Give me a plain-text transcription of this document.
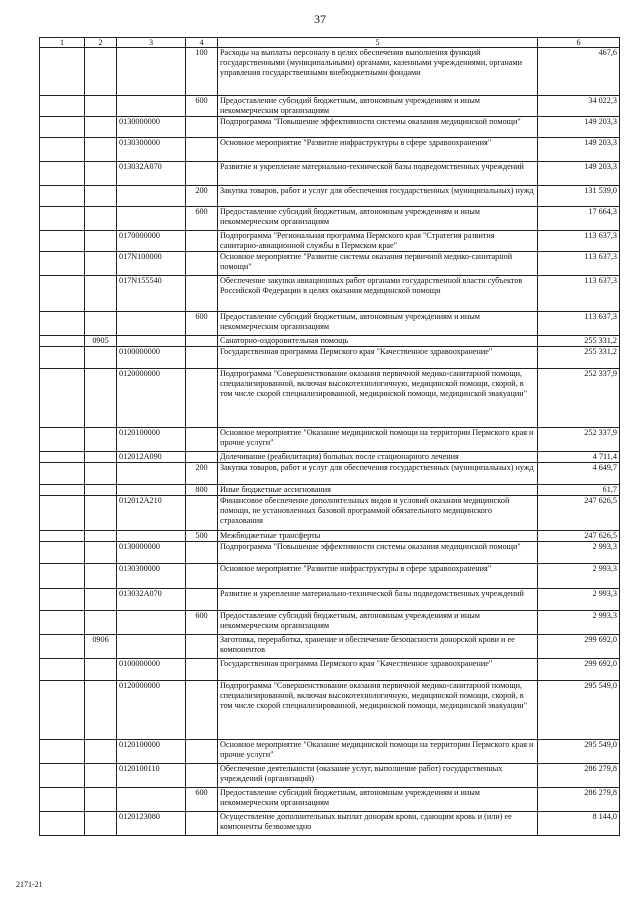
37
1	2	3	4	5	6
			100	Расходы на выплаты персоналу в целях обеспечения выполнения функций государственными (муниципальными) органами, казенными учреждениями, органами управления государственными внебюджетными фондами	467,6
			600	Предоставление субсидий бюджетным, автономным учреждениям и иным некоммерческим организациям	34 022,3
		0130000000		Подпрограмма "Повышение эффективности системы оказания медицинской помощи"	149 203,3
		0130300000		Основное мероприятие "Развитие инфраструктуры в сфере здравоохранения"	149 203,3
		013032А070		Развитие и укрепление материально-технической базы подведомственных учреждений	149 203,3
			200	Закупка товаров, работ и услуг для обеспечения государственных (муниципальных) нужд	131 539,0
			600	Предоставление субсидий бюджетным, автономным учреждениям и иным некоммерческим организациям	17 664,3
		0170000000		Подпрограмма "Региональная программа Пермского края "Стратегия развития санитарно-авиационной службы в Пермском крае"	113 637,3
		017N100000		Основное мероприятие "Развитие системы оказания первичной медико-санитарной помощи"	113 637,3
		017N155540		Обеспечение закупки авиационных работ органами государственной власти субъектов Российской Федерации в целях оказания медицинской помощи	113 637,3
			600	Предоставление субсидий бюджетным, автономным учреждениям и иным некоммерческим организациям	113 637,3
	0905			Санаторно-оздоровительная помощь	255 331,2
		0100000000		Государственная программа Пермского края "Качественное здравоохранение"	255 331,2
		0120000000		Подпрограмма "Совершенствование оказания первичной медико-санитарной помощи, специализированной, включая высокотехнологичную, медицинской помощи, скорой, в том числе скорой специализированной, медицинской помощи, медицинской эвакуации"	252 337,9
		0120100000		Основное мероприятие "Оказание медицинской помощи на территории Пермского края и прочие услуги"	252 337,9
		012012А090		Долечивание (реабилитация) больных после стационарного лечения	4 711,4
			200	Закупка товаров, работ и услуг для обеспечения государственных (муниципальных) нужд	4 649,7
			800	Иные бюджетные ассигнования	61,7
		012012А210		Финансовое обеспечение дополнительных видов и условий оказания медицинской помощи, не установленных базовой программой обязательного медицинского страхования	247 626,5
			500	Межбюджетные трансферты	247 626,5
		0130000000		Подпрограмма "Повышение эффективности системы оказания медицинской помощи"	2 993,3
		0130300000		Основное мероприятие "Развитие инфраструктуры в сфере здравоохранения"	2 993,3
		013032А070		Развитие и укрепление материально-технической базы подведомственных учреждений	2 993,3
			600	Предоставление субсидий бюджетным, автономным учреждениям и иным некоммерческим организациям	2 993,3
	0906			Заготовка, переработка, хранение и обеспечение безопасности донорской крови и ее компонентов	299 692,0
		0100000000		Государственная программа Пермского края "Качественное здравоохранение"	299 692,0
		0120000000		Подпрограмма "Совершенствование оказания первичной медико-санитарной помощи, специализированной, включая высокотехнологичную, медицинской помощи, скорой, в том числе скорой специализированной, медицинской помощи, медицинской эвакуации"	295 549,0
		0120100000		Основное мероприятие "Оказание медицинской помощи на территории Пермского края и прочие услуги"	295 549,0
		0120100110		Обеспечение деятельности (оказание услуг, выполнение работ) государственных учреждений (организаций)	286 279,8
			600	Предоставление субсидий бюджетным, автономным учреждениям и иным некоммерческим организациям	286 279,8
		0120123080		Осуществление дополнительных выплат донорам крови, сдающим кровь и (или) ее компоненты безвозмездно	8 144,0
2171-21
